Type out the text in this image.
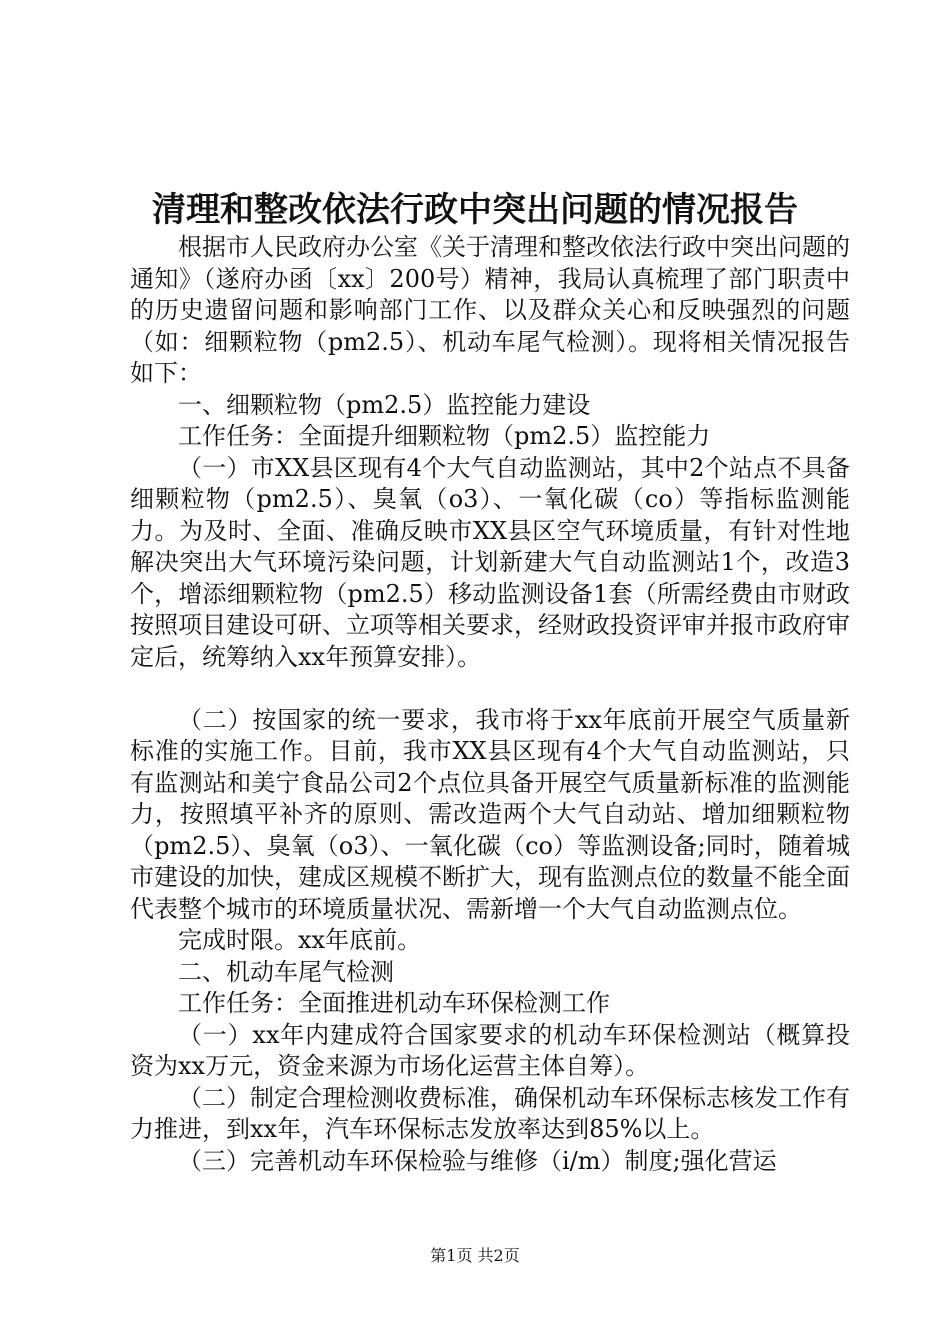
清理和整改依法行政中突出问题的情况报告

根据市人民政府办公室《关于清理和整改依法行政中突出问题的通知》（遂府办函〔xx〕200号）精神，我局认真梳理了部门职责中的历史遗留问题和影响部门工作、以及群众关心和反映强烈的问题（如：细颗粒物（pm2.5）、机动车尾气检测）。现将相关情况报告如下：

一、细颗粒物（pm2.5）监控能力建设

工作任务：全面提升细颗粒物（pm2.5）监控能力

（一）市XX县区现有4个大气自动监测站，其中2个站点不具备细颗粒物（pm2.5）、臭氧（o3）、一氧化碳（co）等指标监测能力。为及时、全面、准确反映市XX县区空气环境质量，有针对性地解决突出大气环境污染问题，计划新建大气自动监测站1个，改造3个，增添细颗粒物（pm2.5）移动监测设备1套（所需经费由市财政按照项目建设可研、立项等相关要求，经财政投资评审并报市政府审定后，统筹纳入xx年预算安排）。

（二）按国家的统一要求，我市将于xx年底前开展空气质量新标准的实施工作。目前，我市XX县区现有4个大气自动监测站，只有监测站和美宁食品公司2个点位具备开展空气质量新标准的监测能力，按照填平补齐的原则、需改造两个大气自动站、增加细颗粒物（pm2.5）、臭氧（o3）、一氧化碳（co）等监测设备;同时，随着城市建设的加快，建成区规模不断扩大，现有监测点位的数量不能全面代表整个城市的环境质量状况、需新增一个大气自动监测点位。

完成时限。xx年底前。

二、机动车尾气检测

工作任务：全面推进机动车环保检测工作

（一）xx年内建成符合国家要求的机动车环保检测站（概算投资为xx万元，资金来源为市场化运营主体自筹）。

（二）制定合理检测收费标准，确保机动车环保标志核发工作有力推进，到xx年，汽车环保标志发放率达到85%以上。

（三）完善机动车环保检验与维修（i/m）制度;强化营运

第1页 共2页
